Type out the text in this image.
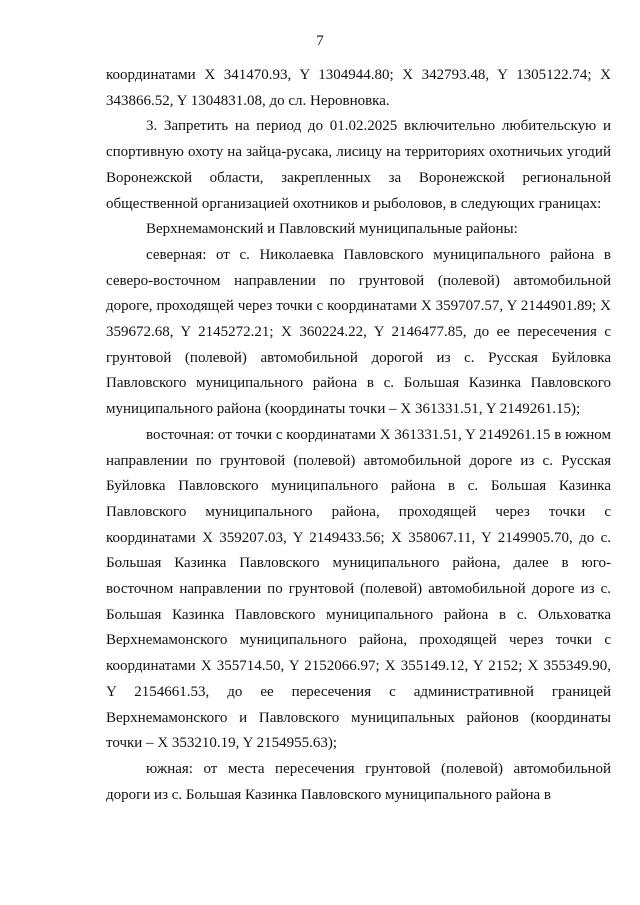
7

координатами X 341470.93, Y 1304944.80; X 342793.48, Y 1305122.74; X 343866.52, Y 1304831.08, до сл. Неровновка.

3. Запретить на период до 01.02.2025 включительно любительскую и спортивную охоту на зайца-русака, лисицу на территориях охотничьих угодий Воронежской области, закрепленных за Воронежской региональной общественной организацией охотников и рыболовов, в следующих границах:

Верхнемамонский и Павловский муниципальные районы:

северная: от с. Николаевка Павловского муниципального района в северо-восточном направлении по грунтовой (полевой) автомобильной дороге, проходящей через точки с координатами X 359707.57, Y 2144901.89; X 359672.68, Y 2145272.21; X 360224.22, Y 2146477.85, до ее пересечения с грунтовой (полевой) автомобильной дорогой из с. Русская Буйловка Павловского муниципального района в с. Большая Казинка Павловского муниципального района (координаты точки – X 361331.51, Y 2149261.15);

восточная: от точки с координатами X 361331.51, Y 2149261.15 в южном направлении по грунтовой (полевой) автомобильной дороге из с. Русская Буйловка Павловского муниципального района в с. Большая Казинка Павловского муниципального района, проходящей через точки с координатами X 359207.03, Y 2149433.56; X 358067.11, Y 2149905.70, до с. Большая Казинка Павловского муниципального района, далее в юго-восточном направлении по грунтовой (полевой) автомобильной дороге из с. Большая Казинка Павловского муниципального района в с. Ольховатка Верхнемамонского муниципального района, проходящей через точки с координатами X 355714.50, Y 2152066.97; X 355149.12, Y 2152; X 355349.90, Y 2154661.53, до ее пересечения с административной границей Верхнемамонского и Павловского муниципальных районов (координаты точки – X 353210.19, Y 2154955.63);

южная: от места пересечения грунтовой (полевой) автомобильной дороги из с. Большая Казинка Павловского муниципального района в
